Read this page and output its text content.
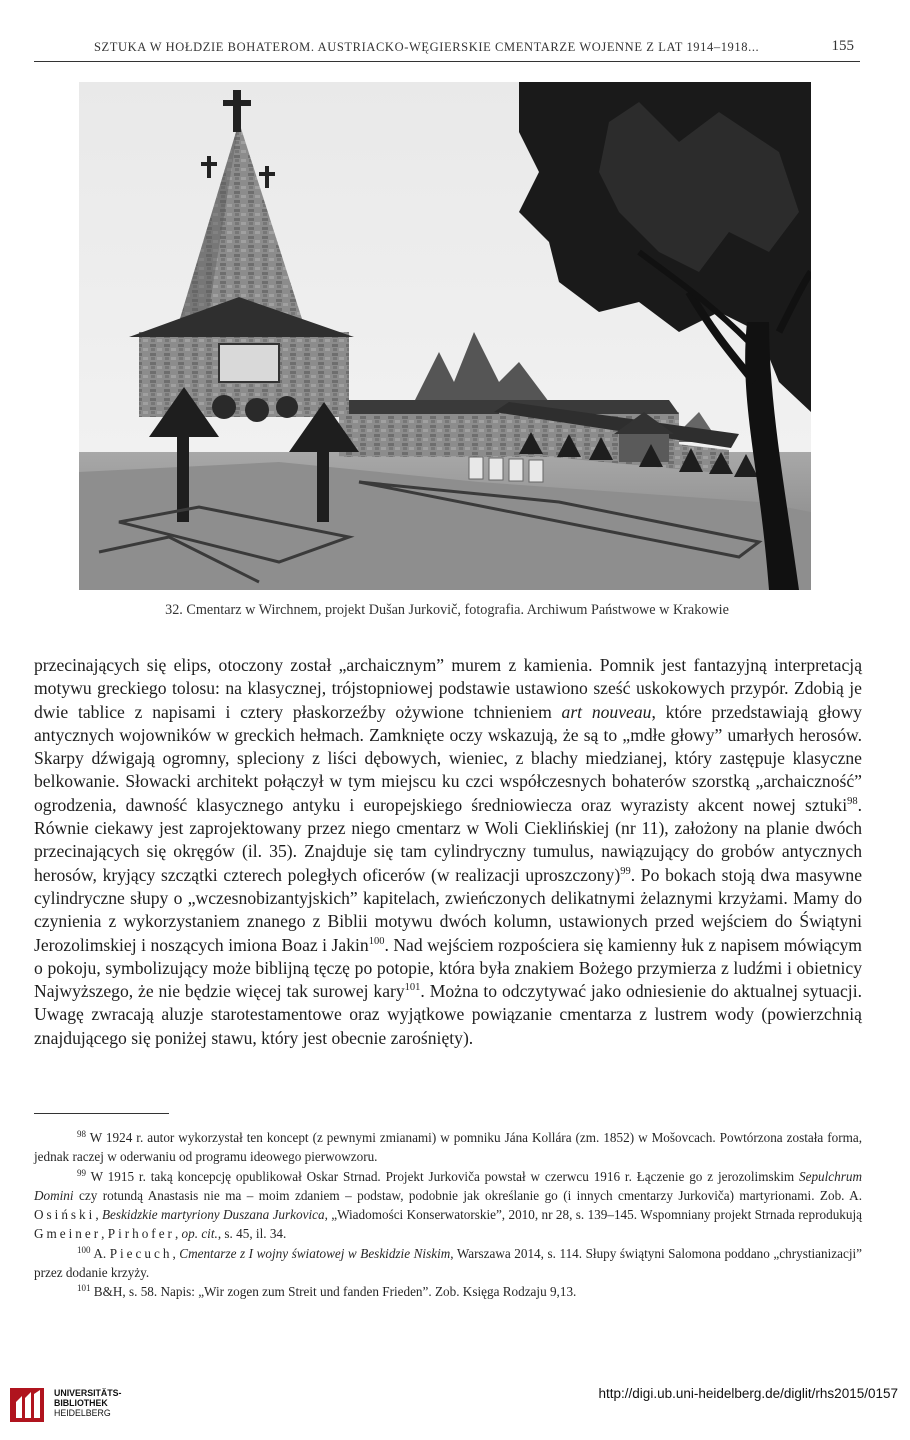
SZTUKA W HOŁDZIE BOHATEROM. AUSTRIACKO-WĘGIERSKIE CMENTARZE WOJENNE Z LAT 1914–1918...	155
32. Cmentarz w Wirchnem, projekt Dušan Jurkovič, fotografia. Archiwum Państwowe w Krakowie

przecinających się elips, otoczony został „archaicznym” murem z kamienia. Pomnik jest fantazyjną interpretacją motywu greckiego tolosu: na klasycznej, trójstopniowej podstawie ustawiono sześć uskokowych przypór. Zdobią je dwie tablice z napisami i cztery płaskorzeźby ożywione tchnieniem art nouveau, które przedstawiają głowy antycznych wojowników w greckich hełmach. Zamknięte oczy wskazują, że są to „mdłe głowy” umarłych herosów. Skarpy dźwigają ogromny, spleciony z liści dębowych, wieniec, z blachy miedzianej, który zastępuje klasyczne belkowanie. Słowacki architekt połączył w tym miejscu ku czci współczesnych bohaterów szorstką „archaiczność” ogrodzenia, dawność klasycznego antyku i europejskiego średniowiecza oraz wyrazisty akcent nowej sztuki$^{98}$. Równie ciekawy jest zaprojektowany przez niego cmentarz w Woli Cieklińskiej (nr 11), założony na planie dwóch przecinających się okręgów (il. 35). Znajduje się tam cylindryczny tumulus, nawiązujący do grobów antycznych herosów, kryjący szczątki czterech poległych oficerów (w realizacji uproszczony)$^{99}$. Po bokach stoją dwa masywne cylindryczne słupy o „wczesnobizantyjskich” kapitelach, zwieńczonych delikatnymi żelaznymi krzyżami. Mamy do czynienia z wykorzystaniem znanego z Biblii motywu dwóch kolumn, ustawionych przed wejściem do Świątyni Jerozolimskiej i noszących imiona Boaz i Jakin$^{100}$. Nad wejściem rozpościera się kamienny łuk z napisem mówiącym o pokoju, symbolizujący może biblijną tęczę po potopie, która była znakiem Bożego przymierza z ludźmi i obietnicy Najwyższego, że nie będzie więcej tak surowej kary$^{101}$. Można to odczytywać jako odniesienie do aktualnej sytuacji. Uwagę zwracają aluzje starotestamentowe oraz wyjątkowe powiązanie cmentarza z lustrem wody (powierzchnią znajdującego się poniżej stawu, który jest obecnie zarośnięty).

$^{98}$ W 1924 r. autor wykorzystał ten koncept (z pewnymi zmianami) w pomniku Jána Kollára (zm. 1852) w Mošovcach. Powtórzona została forma, jednak raczej w oderwaniu od programu ideowego pierwowzoru.

$^{99}$ W 1915 r. taką koncepcję opublikował Oskar Strnad. Projekt Jurkoviča powstał w czerwcu 1916 r. Łączenie go z jerozolimskim Sepulchrum Domini czy rotundą Anastasis nie ma – moim zdaniem – podstaw, podobnie jak określanie go (i innych cmentarzy Jurkoviča) martyrionami. Zob. A. Osiński, Beskidzkie martyriony Duszana Jurkovica, „Wiadomości Konserwatorskie”, 2010, nr 28, s. 139–145. Wspomniany projekt Strnada reprodukują Gmeiner, Pirhofer, op. cit., s. 45, il. 34.

$^{100}$ A. Piecuch, Cmentarze z I wojny światowej w Beskidzie Niskim, Warszawa 2014, s. 114. Słupy świątyni Salomona poddano „chrystianizacji” przez dodanie krzyży.

$^{101}$ B&H, s. 58. Napis: „Wir zogen zum Streit und fanden Frieden”. Zob. Księga Rodzaju 9,13.

UNIVERSITÄTS-
BIBLIOTHEK
HEIDELBERG
http://digi.ub.uni-heidelberg.de/diglit/rhs2015/0157
